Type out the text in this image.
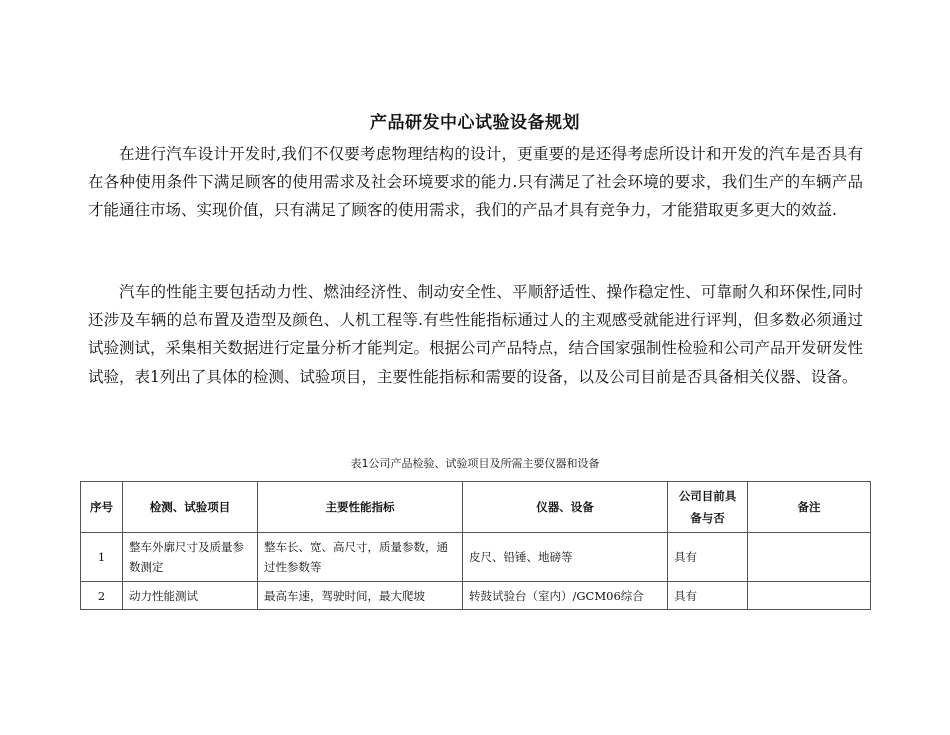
产品研发中心试验设备规划

在进行汽车设计开发时,我们不仅要考虑物理结构的设计，更重要的是还得考虑所设计和开发的汽车是否具有在各种使用条件下满足顾客的使用需求及社会环境要求的能力.只有满足了社会环境的要求，我们生产的车辆产品才能通往市场、实现价值，只有满足了顾客的使用需求，我们的产品才具有竞争力，才能猎取更多更大的效益.

汽车的性能主要包括动力性、燃油经济性、制动安全性、平顺舒适性、操作稳定性、可靠耐久和环保性,同时还涉及车辆的总布置及造型及颜色、人机工程等.有些性能指标通过人的主观感受就能进行评判，但多数必须通过试验测试，采集相关数据进行定量分析才能判定。根据公司产品特点，结合国家强制性检验和公司产品开发研发性试验，表1列出了具体的检测、试验项目，主要性能指标和需要的设备，以及公司目前是否具备相关仪器、设备。

表1公司产品检验、试验项目及所需主要仪器和设备
序号	检测、试验项目	主要性能指标	仪器、设备	公司目前具备与否	备注
1	整车外廓尺寸及质量参数测定	整车长、宽、高尺寸，质量参数，通过性参数等	皮尺、铅锤、地磅等	具有	
2	动力性能测试	最高车速，驾驶时间，最大爬坡	转鼓试验台（室内）/GCM06综合	具有	
